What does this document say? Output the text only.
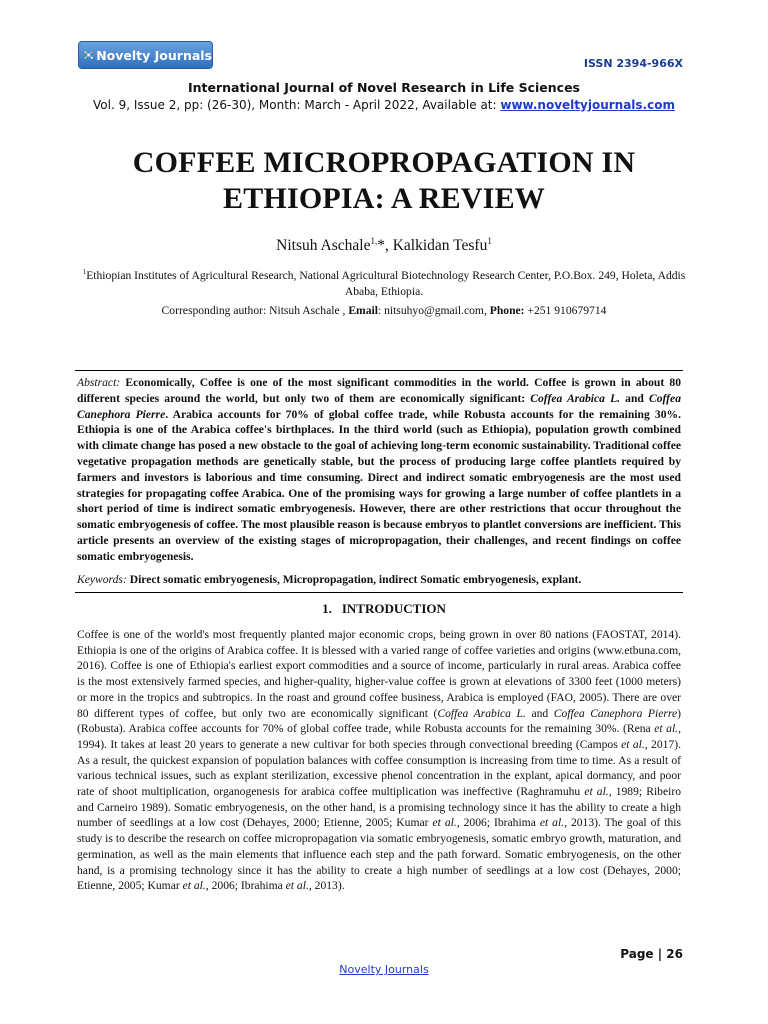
Novelty Journals
ISSN 2394-966X
International Journal of Novel Research in Life Sciences
Vol. 9, Issue 2, pp: (26-30), Month: March - April 2022, Available at: www.noveltyjournals.com
COFFEE MICROPROPAGATION IN
ETHIOPIA: A REVIEW
Nitsuh Aschale$^{1,}$*, Kalkidan Tesfu$^1$
$^1$Ethiopian Institutes of Agricultural Research, National Agricultural Biotechnology Research Center, P.O.Box. 249, Holeta, Addis Ababa, Ethiopia.
Corresponding author: Nitsuh Aschale , Email: nitsuhyo@gmail.com, Phone: +251 910679714
Abstract: Economically, Coffee is one of the most significant commodities in the world. Coffee is grown in about 80 different species around the world, but only two of them are economically significant: Coffea Arabica L. and Coffea Canephora Pierre. Arabica accounts for 70% of global coffee trade, while Robusta accounts for the remaining 30%. Ethiopia is one of the Arabica coffee's birthplaces. In the third world (such as Ethiopia), population growth combined with climate change has posed a new obstacle to the goal of achieving long-term economic sustainability. Traditional coffee vegetative propagation methods are genetically stable, but the process of producing large coffee plantlets required by farmers and investors is laborious and time consuming. Direct and indirect somatic embryogenesis are the most used strategies for propagating coffee Arabica. One of the promising ways for growing a large number of coffee plantlets in a short period of time is indirect somatic embryogenesis. However, there are other restrictions that occur throughout the somatic embryogenesis of coffee. The most plausible reason is because embryos to plantlet conversions are inefficient. This article presents an overview of the existing stages of micropropagation, their challenges, and recent findings on coffee somatic embryogenesis.
Keywords: Direct somatic embryogenesis, Micropropagation, indirect Somatic embryogenesis, explant.
1. INTRODUCTION
Coffee is one of the world's most frequently planted major economic crops, being grown in over 80 nations (FAOSTAT, 2014). Ethiopia is one of the origins of Arabica coffee. It is blessed with a varied range of coffee varieties and origins (www.etbuna.com, 2016). Coffee is one of Ethiopia's earliest export commodities and a source of income, particularly in rural areas. Arabica coffee is the most extensively farmed species, and higher-quality, higher-value coffee is grown at elevations of 3300 feet (1000 meters) or more in the tropics and subtropics. In the roast and ground coffee business, Arabica is employed (FAO, 2005). There are over 80 different types of coffee, but only two are economically significant (Coffea Arabica L. and Coffea Canephora Pierre) (Robusta). Arabica coffee accounts for 70% of global coffee trade, while Robusta accounts for the remaining 30%. (Rena et al., 1994). It takes at least 20 years to generate a new cultivar for both species through convectional breeding (Campos et al., 2017). As a result, the quickest expansion of population balances with coffee consumption is increasing from time to time. As a result of various technical issues, such as explant sterilization, excessive phenol concentration in the explant, apical dormancy, and poor rate of shoot multiplication, organogenesis for arabica coffee multiplication was ineffective (Raghramuhu et al., 1989; Ribeiro and Carneiro 1989). Somatic embryogenesis, on the other hand, is a promising technology since it has the ability to create a high number of seedlings at a low cost (Dehayes, 2000; Etienne, 2005; Kumar et al., 2006; Ibrahima et al., 2013). The goal of this study is to describe the research on coffee micropropagation via somatic embryogenesis, somatic embryo growth, maturation, and germination, as well as the main elements that influence each step and the path forward. Somatic embryogenesis, on the other hand, is a promising technology since it has the ability to create a high number of seedlings at a low cost (Dehayes, 2000; Etienne, 2005; Kumar et al., 2006; Ibrahima et al., 2013).
Page | 26
Novelty Journals
